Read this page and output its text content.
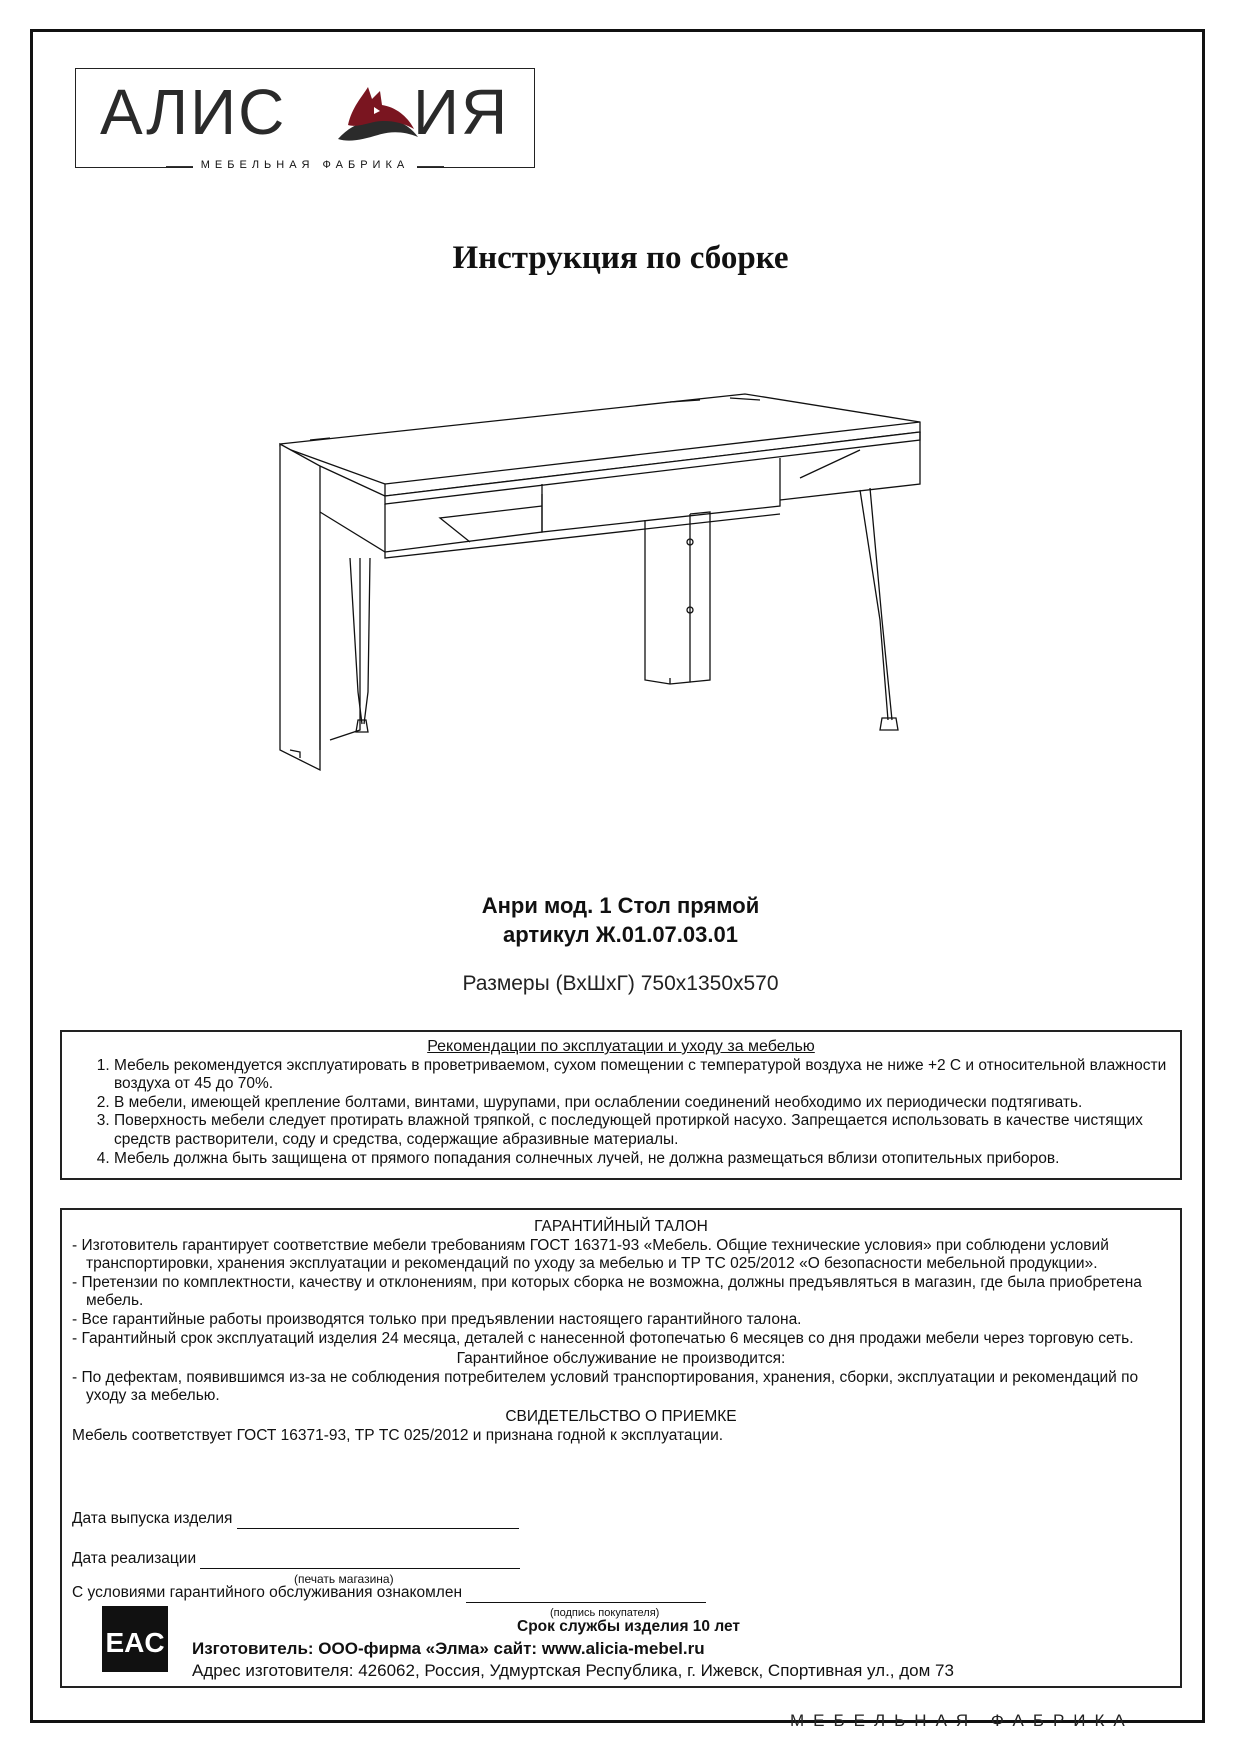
АЛИС ИЯ
МЕБЕЛЬНАЯ ФАБРИКА
Инструкция по сборке
Анри мод. 1 Стол прямой
артикул Ж.01.07.03.01
Размеры (ВхШхГ) 750х1350х570
Рекомендации по эксплуатации и уходу за мебелью
1. Мебель рекомендуется эксплуатировать в проветриваемом, сухом помещении с температурой воздуха не ниже +2 С и относительной влажности воздуха от 45 до 70%.
2. В мебели, имеющей крепление болтами, винтами, шурупами, при ослаблении соединений необходимо их периодически подтягивать.
3. Поверхность мебели следует протирать влажной тряпкой, с последующей протиркой насухо. Запрещается использовать в качестве чистящих средств растворители, соду и средства, содержащие абразивные материалы.
4. Мебель должна быть защищена от прямого попадания солнечных лучей, не должна размещаться вблизи отопительных приборов.
ГАРАНТИЙНЫЙ ТАЛОН
- Изготовитель гарантирует соответствие мебели требованиям ГОСТ 16371-93 «Мебель. Общие технические условия» при соблюдени условий транспортировки, хранения эксплуатации и рекомендаций по уходу за мебелью и ТР ТС 025/2012 «О безопасности мебельной продукции».
- Претензии по комплектности, качеству и отклонениям, при которых сборка не возможна, должны предъявляться в магазин, где была приобретена мебель.
- Все гарантийные работы производятся только при предъявлении настоящего гарантийного талона.
- Гарантийный срок эксплуатаций изделия 24 месяца, деталей с нанесенной фотопечатью 6 месяцев со дня продажи мебели через торговую сеть.
Гарантийное обслуживание не производится:
- По дефектам, появившимся из-за не соблюдения потребителем условий транспортирования, хранения, сборки, эксплуатации и рекомендаций по уходу за мебелью.
СВИДЕТЕЛЬСТВО О ПРИЕМКЕ
Мебель соответствует ГОСТ 16371-93, ТР ТС 025/2012 и признана годной к эксплуатации.
Дата выпуска изделия
Дата реализации
(печать магазина)
С условиями гарантийного обслуживания ознакомлен
(подпись покупателя)
EAC
Срок службы изделия 10 лет
Изготовитель: ООО-фирма «Элма» сайт: www.alicia-mebel.ru
Адрес изготовителя: 426062, Россия, Удмуртская Республика, г. Ижевск, Спортивная ул., дом 73
МЕБЕЛЬНАЯ ФАБРИКА
